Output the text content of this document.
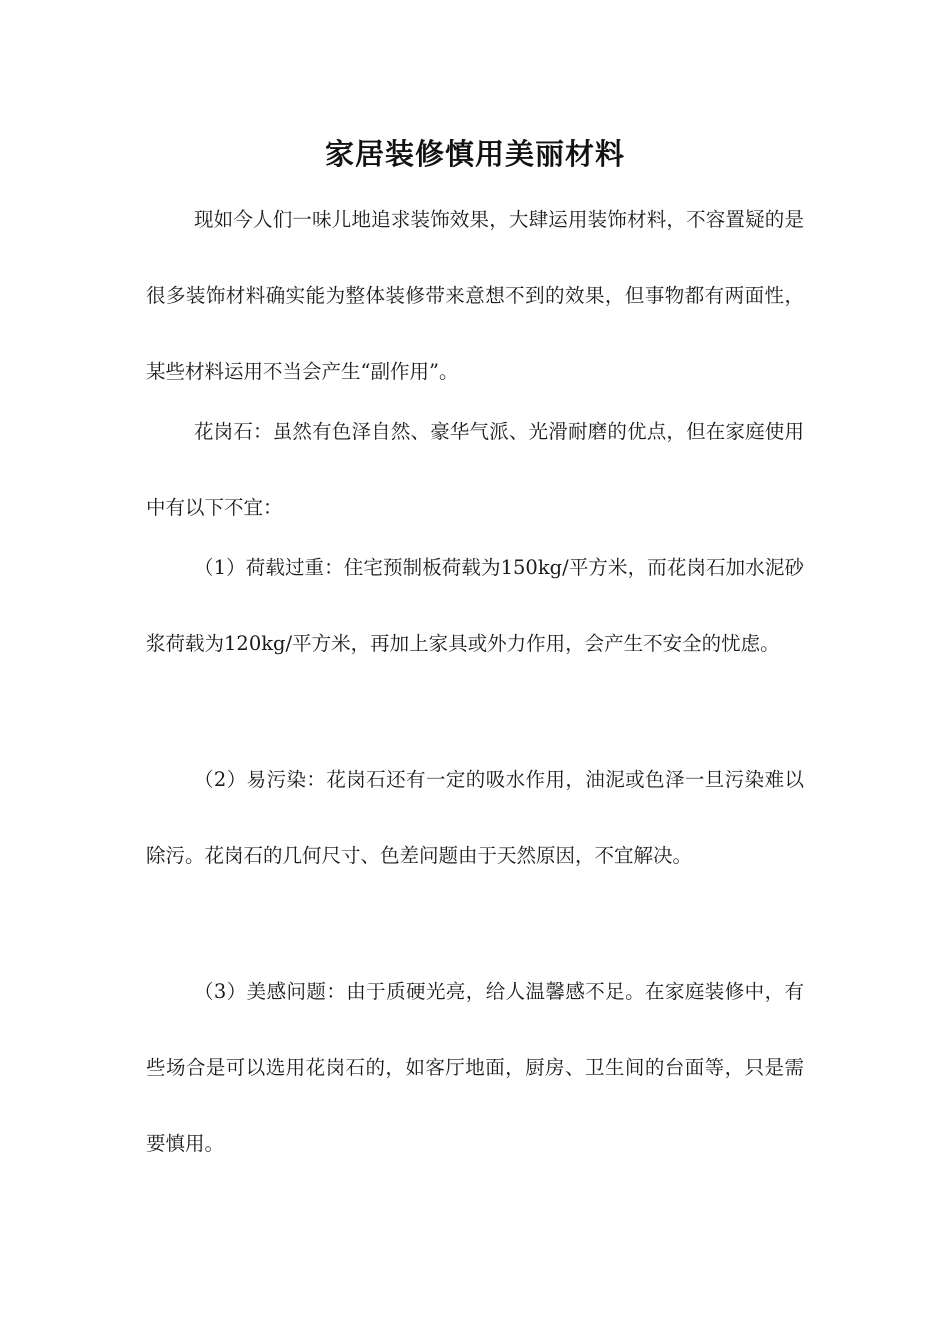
家居装修慎用美丽材料

现如今人们一味儿地追求装饰效果，大肆运用装饰材料，不容置疑的是很多装饰材料确实能为整体装修带来意想不到的效果，但事物都有两面性，某些材料运用不当会产生“副作用”。

花岗石：虽然有色泽自然、豪华气派、光滑耐磨的优点，但在家庭使用中有以下不宜：

（1）荷载过重：住宅预制板荷载为150kg/平方米，而花岗石加水泥砂浆荷载为120kg/平方米，再加上家具或外力作用，会产生不安全的忧虑。

（2）易污染：花岗石还有一定的吸水作用，油泥或色泽一旦污染难以除污。花岗石的几何尺寸、色差问题由于天然原因，不宜解决。

（3）美感问题：由于质硬光亮，给人温馨感不足。在家庭装修中，有些场合是可以选用花岗石的，如客厅地面，厨房、卫生间的台面等，只是需要慎用。
